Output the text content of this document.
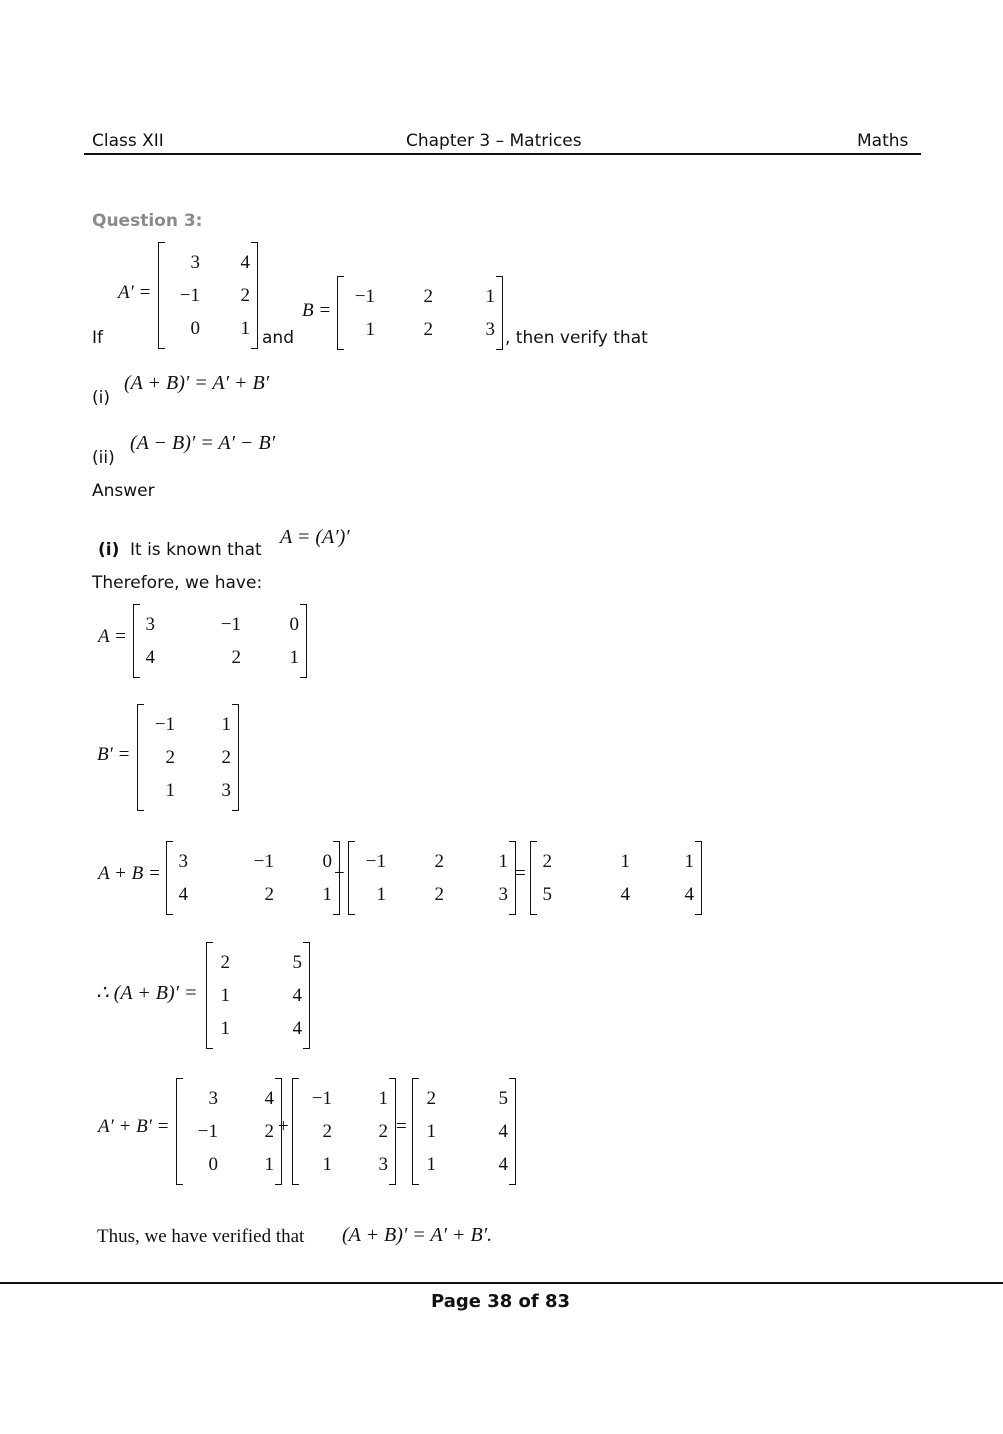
Class XII	Chapter 3 – Matrices	Maths
Question 3:
A′ =
3	4
−1	2
0	1
If	and
B =
−1	2	1
1	2	3 , then verify that
(i)
(A + B)′ = A′ + B′
(ii)
(A − B)′ = A′ − B′
Answer
(i) It is known that
A = (A′)′
Therefore, we have:
A =
3	−1	0
4	2	1
B′ =
−1	1
2	2
1	3
A + B =
3	−1	0
4	2	1
+
−1	2	1
1	2	3
=
2	1	1
5	4	4
∴ (A + B)′ =
2	5
1	4
1	4
A′ + B′ =
3	4
−1	2
0	1
+
−1	1
2	2
1	3
=
2	5
1	4
1	4
Thus, we have verified that (A + B)′ = A′ + B′.
Page 38 of 83
